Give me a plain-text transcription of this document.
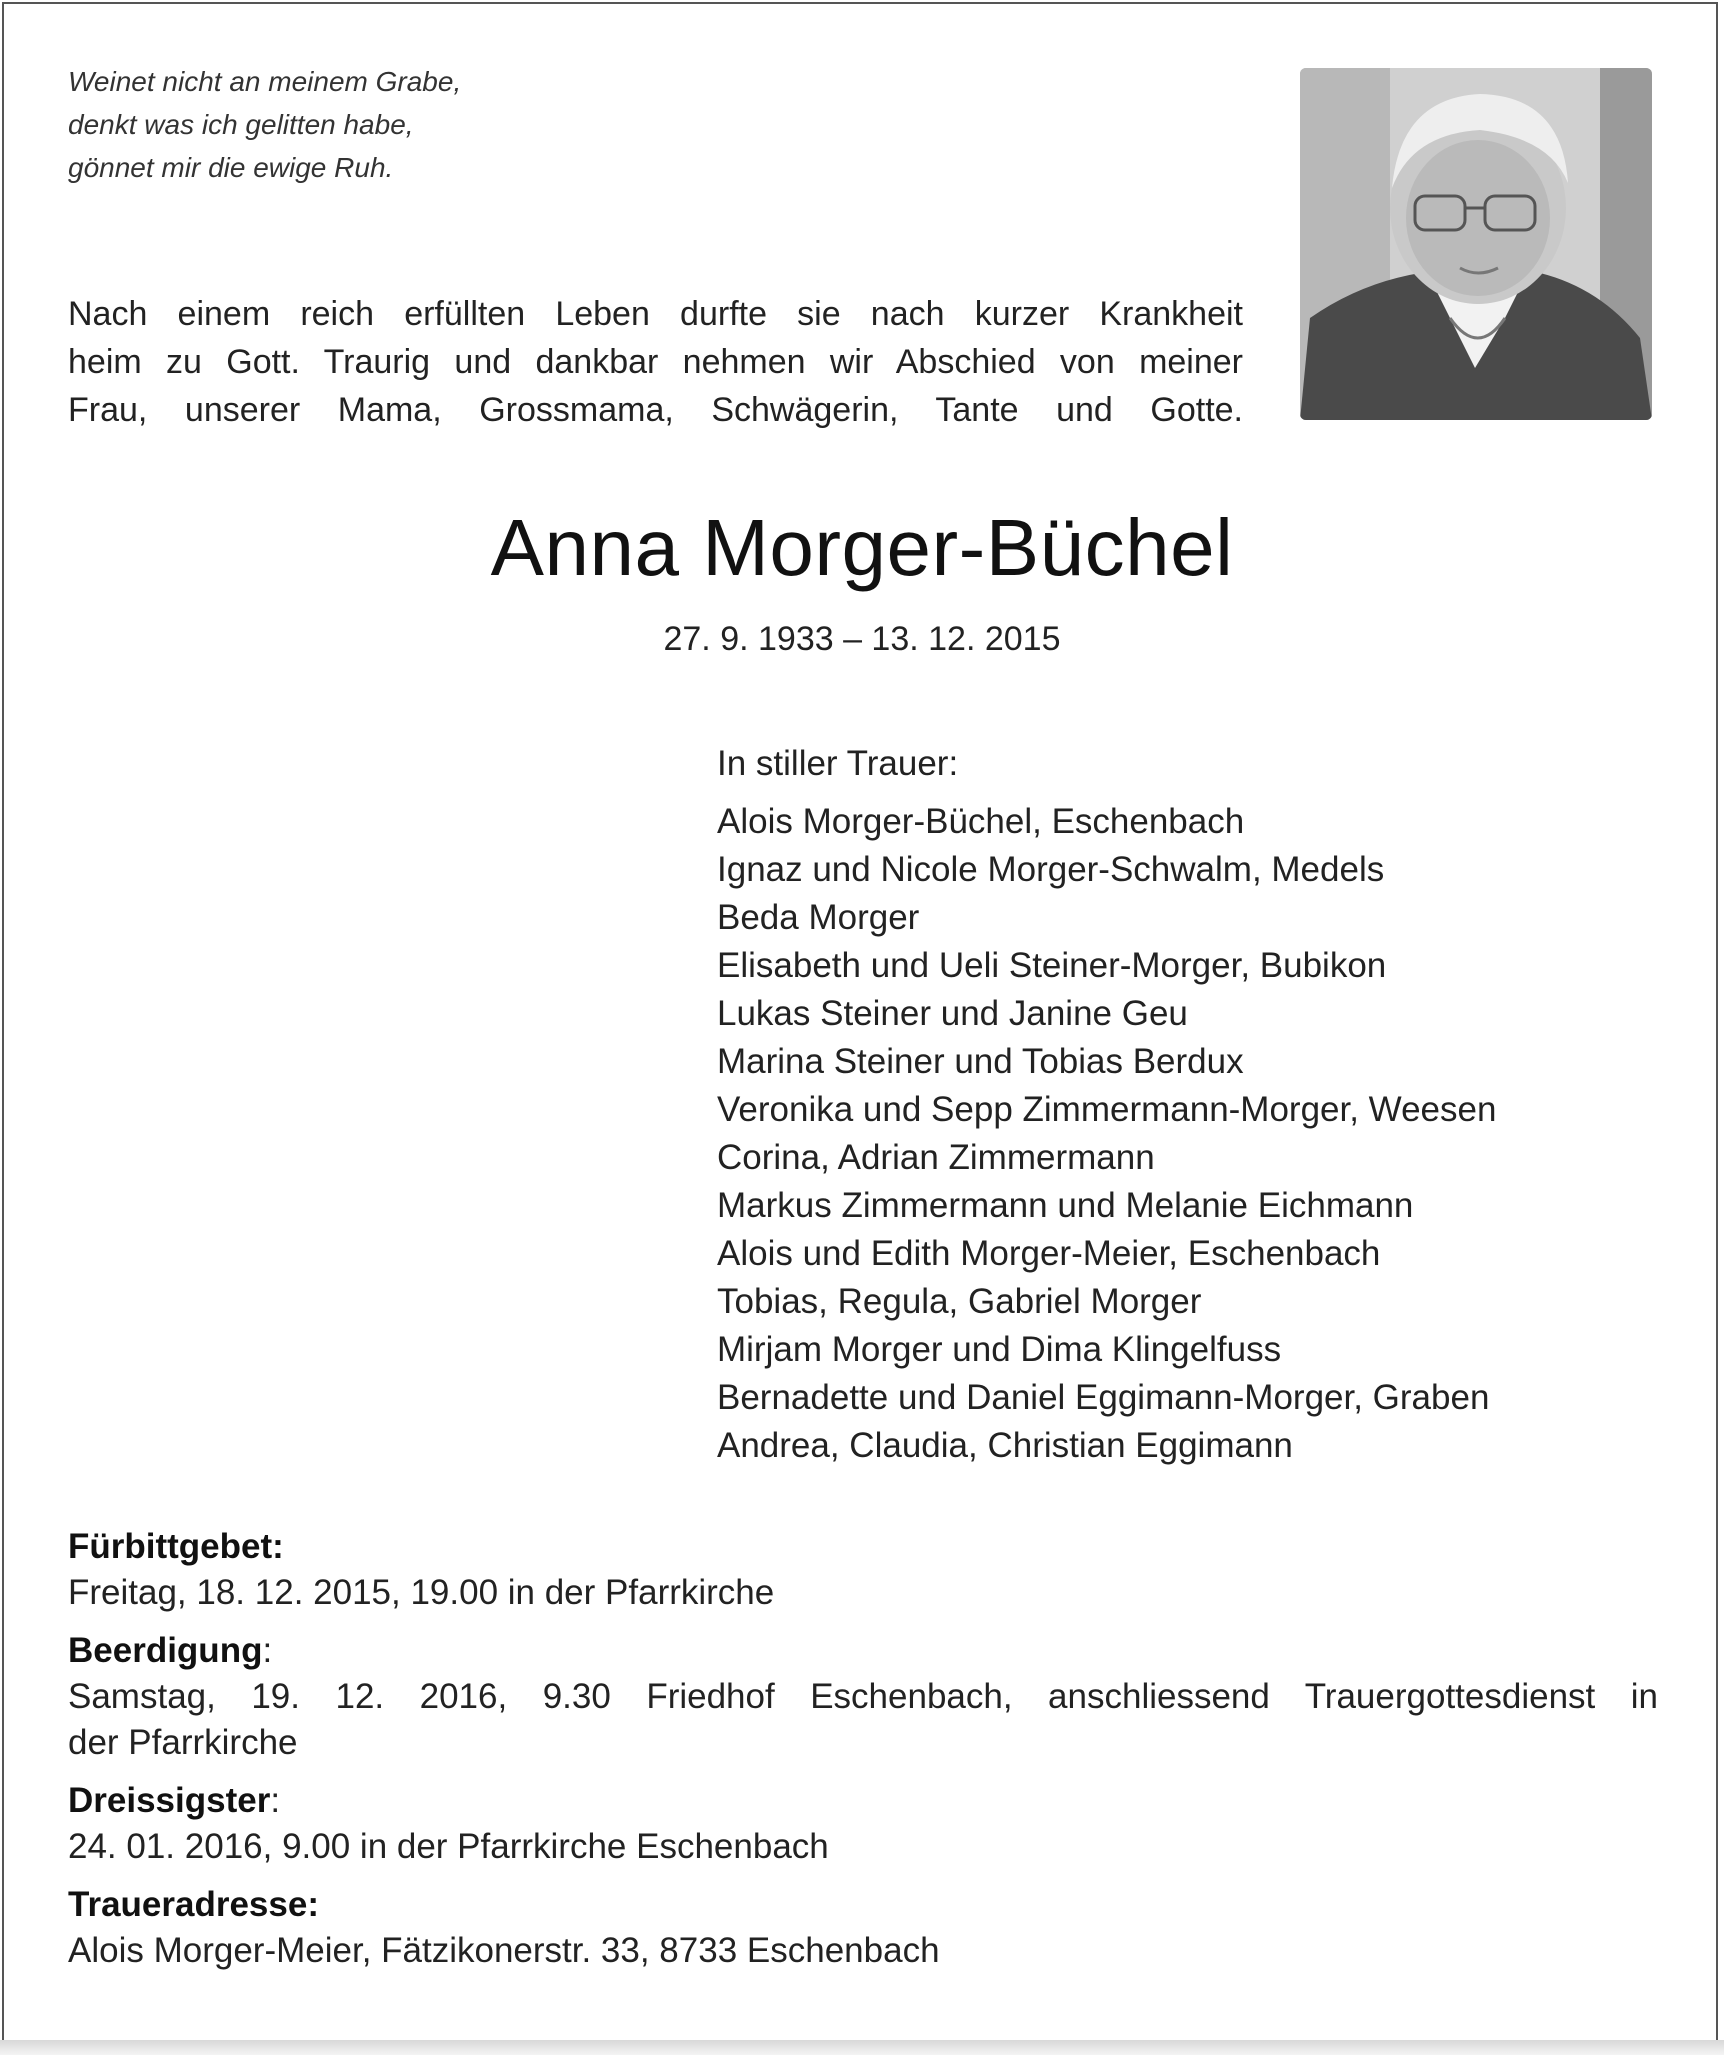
Weinet nicht an meinem Grabe,
denkt was ich gelitten habe,
gönnet mir die ewige Ruh.
Nach einem reich erfüllten Leben durfte sie nach kurzer Krankheit
heim zu Gott. Traurig und dankbar nehmen wir Abschied von meiner
Frau, unserer Mama, Grossmama, Schwägerin, Tante und Gotte.
Anna Morger-Büchel
27. 9. 1933 – 13. 12. 2015
In stiller Trauer:
Alois Morger-Büchel, Eschenbach
Ignaz und Nicole Morger-Schwalm, Medels
Beda Morger
Elisabeth und Ueli Steiner-Morger, Bubikon
Lukas Steiner und Janine Geu
Marina Steiner und Tobias Berdux
Veronika und Sepp Zimmermann-Morger, Weesen
Corina, Adrian Zimmermann
Markus Zimmermann und Melanie Eichmann
Alois und Edith Morger-Meier, Eschenbach
Tobias, Regula, Gabriel Morger
Mirjam Morger und Dima Klingelfuss
Bernadette und Daniel Eggimann-Morger, Graben
Andrea, Claudia, Christian Eggimann
Fürbittgebet:
Freitag, 18. 12. 2015, 19.00 in der Pfarrkirche
Beerdigung:
Samstag, 19. 12. 2016, 9.30 Friedhof Eschenbach, anschliessend Trauergottesdienst in
der Pfarrkirche
Dreissigster:
24. 01. 2016, 9.00 in der Pfarrkirche Eschenbach
Traueradresse:
Alois Morger-Meier, Fätzikonerstr. 33, 8733 Eschenbach
